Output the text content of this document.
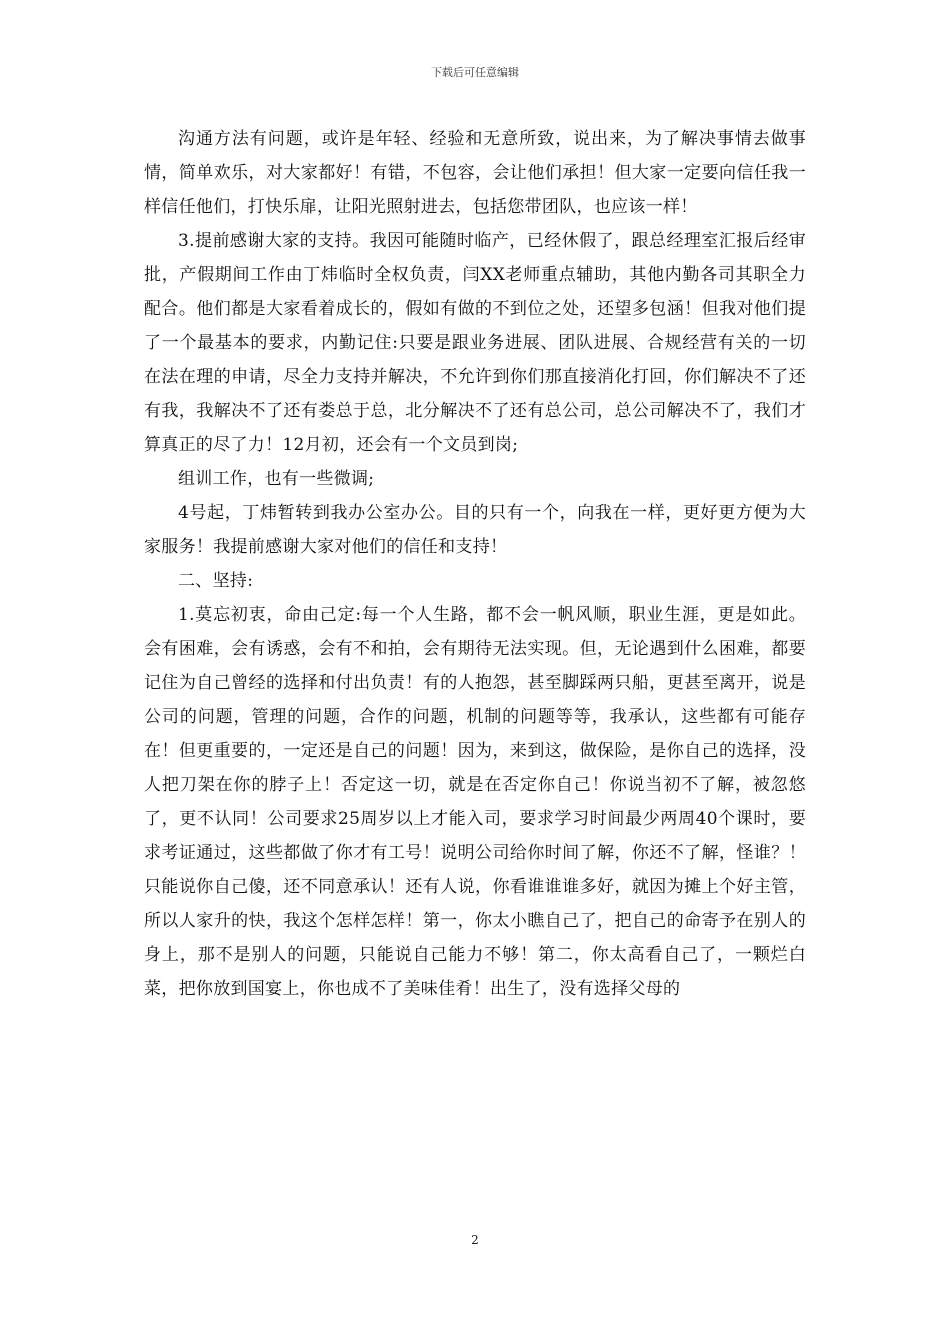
下载后可任意编辑

沟通方法有问题，或许是年轻、经验和无意所致，说出来，为了解决事情去做事情，简单欢乐，对大家都好！有错，不包容，会让他们承担！但大家一定要向信任我一样信任他们，打快乐扉，让阳光照射进去，包括您带团队，也应该一样！

3.提前感谢大家的支持。我因可能随时临产，已经休假了，跟总经理室汇报后经审批，产假期间工作由丁炜临时全权负责，闫XX老师重点辅助，其他内勤各司其职全力配合。他们都是大家看着成长的，假如有做的不到位之处，还望多包涵！但我对他们提了一个最基本的要求，内勤记住:只要是跟业务进展、团队进展、合规经营有关的一切在法在理的申请，尽全力支持并解决，不允许到你们那直接消化打回，你们解决不了还有我，我解决不了还有娄总于总，北分解决不了还有总公司，总公司解决不了，我们才算真正的尽了力！12月初，还会有一个文员到岗;

组训工作，也有一些微调;

4号起，丁炜暂转到我办公室办公。目的只有一个，向我在一样，更好更方便为大家服务！我提前感谢大家对他们的信任和支持！

二、坚持:

1.莫忘初衷，命由己定:每一个人生路，都不会一帆风顺，职业生涯，更是如此。会有困难，会有诱惑，会有不和拍，会有期待无法实现。但，无论遇到什么困难，都要记住为自己曾经的选择和付出负责！有的人抱怨，甚至脚踩两只船，更甚至离开，说是公司的问题，管理的问题，合作的问题，机制的问题等等，我承认，这些都有可能存在！但更重要的，一定还是自己的问题！因为，来到这，做保险，是你自己的选择，没人把刀架在你的脖子上！否定这一切，就是在否定你自己！你说当初不了解，被忽悠了，更不认同！公司要求25周岁以上才能入司，要求学习时间最少两周40个课时，要求考证通过，这些都做了你才有工号！说明公司给你时间了解，你还不了解，怪谁？！只能说你自己傻，还不同意承认！还有人说，你看谁谁谁多好，就因为摊上个好主管，所以人家升的快，我这个怎样怎样！第一，你太小瞧自己了，把自己的命寄予在别人的身上，那不是别人的问题，只能说自己能力不够！第二，你太高看自己了，一颗烂白菜，把你放到国宴上，你也成不了美味佳肴！出生了，没有选择父母的

2
